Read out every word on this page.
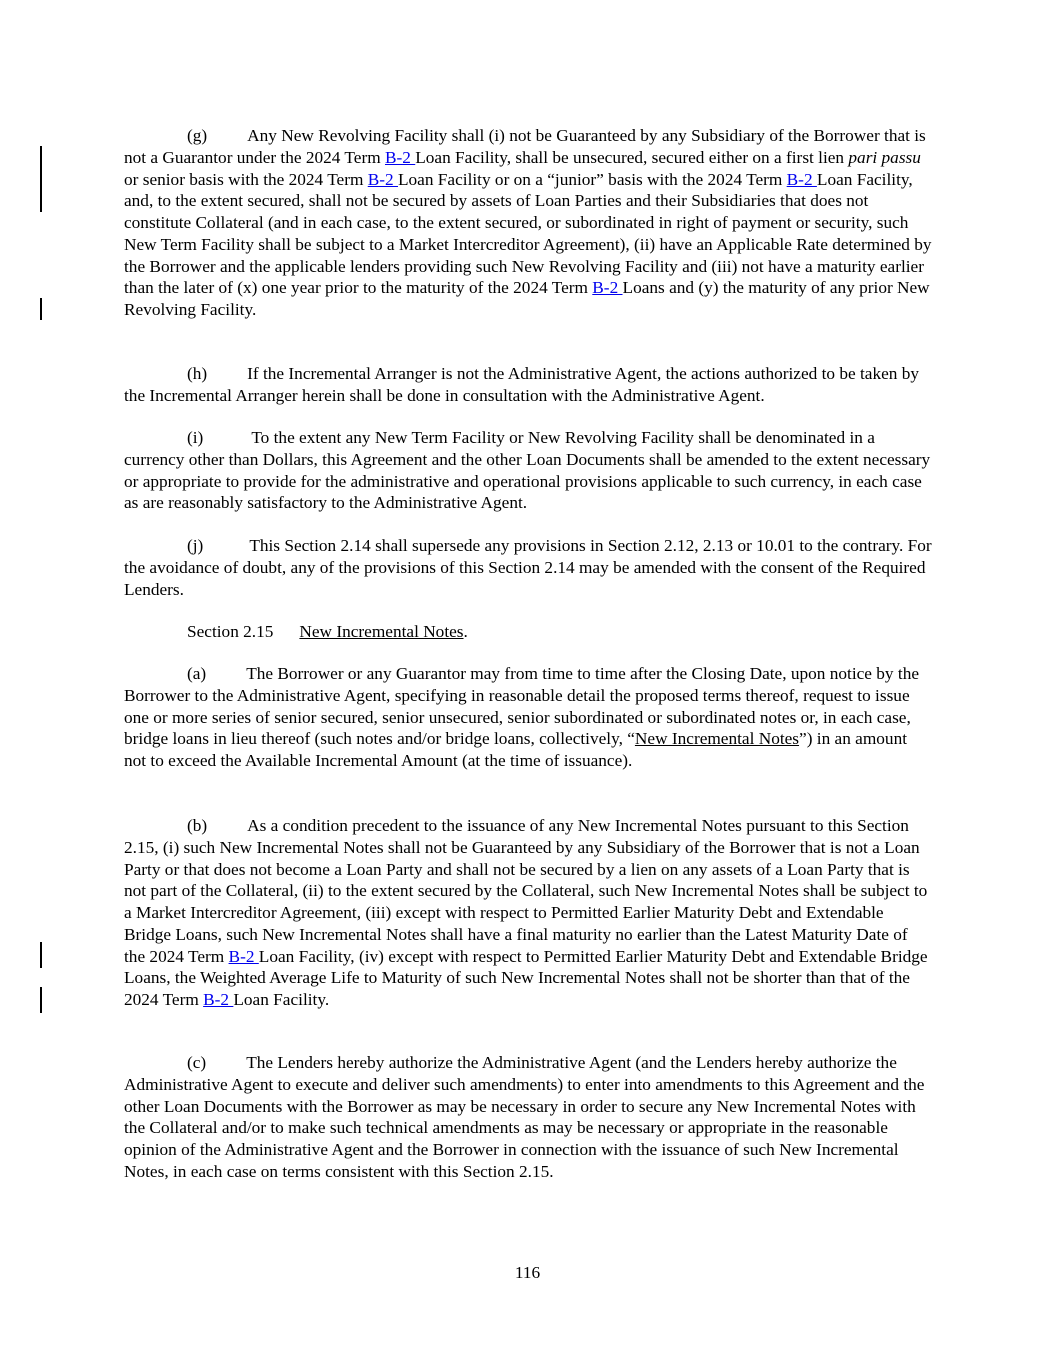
(g) Any New Revolving Facility shall (i) not be Guaranteed by any Subsidiary of the Borrower that is not a Guarantor under the 2024 Term B-2 Loan Facility, shall be unsecured, secured either on a first lien pari passu or senior basis with the 2024 Term B-2 Loan Facility or on a “junior” basis with the 2024 Term B-2 Loan Facility, and, to the extent secured, shall not be secured by assets of Loan Parties and their Subsidiaries that does not constitute Collateral (and in each case, to the extent secured, or subordinated in right of payment or security, such New Term Facility shall be subject to a Market Intercreditor Agreement), (ii) have an Applicable Rate determined by the Borrower and the applicable lenders providing such New Revolving Facility and (iii) not have a maturity earlier than the later of (x) one year prior to the maturity of the 2024 Term B-2 Loans and (y) the maturity of any prior New Revolving Facility.

(h) If the Incremental Arranger is not the Administrative Agent, the actions authorized to be taken by the Incremental Arranger herein shall be done in consultation with the Administrative Agent.

(i)	To the extent any New Term Facility or New Revolving Facility shall be denominated in a currency other than Dollars, this Agreement and the other Loan Documents shall be amended to the extent necessary or appropriate to provide for the administrative and operational provisions applicable to such currency, in each case as are reasonably satisfactory to the Administrative Agent.

(j)	This Section 2.14 shall supersede any provisions in Section 2.12, 2.13 or 10.01 to the contrary. For the avoidance of doubt, any of the provisions of this Section 2.14 may be amended with the consent of the Required Lenders.

Section 2.15 New Incremental Notes.

(a) The Borrower or any Guarantor may from time to time after the Closing Date, upon notice by the Borrower to the Administrative Agent, specifying in reasonable detail the proposed terms thereof, request to issue one or more series of senior secured, senior unsecured, senior subordinated or subordinated notes or, in each case, bridge loans in lieu thereof (such notes and/or bridge loans, collectively, “New Incremental Notes”) in an amount not to exceed the Available Incremental Amount (at the time of issuance).

(b) As a condition precedent to the issuance of any New Incremental Notes pursuant to this Section 2.15, (i) such New Incremental Notes shall not be Guaranteed by any Subsidiary of the Borrower that is not a Loan Party or that does not become a Loan Party and shall not be secured by a lien on any assets of a Loan Party that is not part of the Collateral, (ii) to the extent secured by the Collateral, such New Incremental Notes shall be subject to a Market Intercreditor Agreement, (iii) except with respect to Permitted Earlier Maturity Debt and Extendable Bridge Loans, such New Incremental Notes shall have a final maturity no earlier than the Latest Maturity Date of the 2024 Term B-2 Loan Facility, (iv) except with respect to Permitted Earlier Maturity Debt and Extendable Bridge Loans, the Weighted Average Life to Maturity of such New Incremental Notes shall not be shorter than that of the 2024 Term B-2 Loan Facility.

(c) The Lenders hereby authorize the Administrative Agent (and the Lenders hereby authorize the Administrative Agent to execute and deliver such amendments) to enter into amendments to this Agreement and the other Loan Documents with the Borrower as may be necessary in order to secure any New Incremental Notes with the Collateral and/or to make such technical amendments as may be necessary or appropriate in the reasonable opinion of the Administrative Agent and the Borrower in connection with the issuance of such New Incremental Notes, in each case on terms consistent with this Section 2.15.

116
